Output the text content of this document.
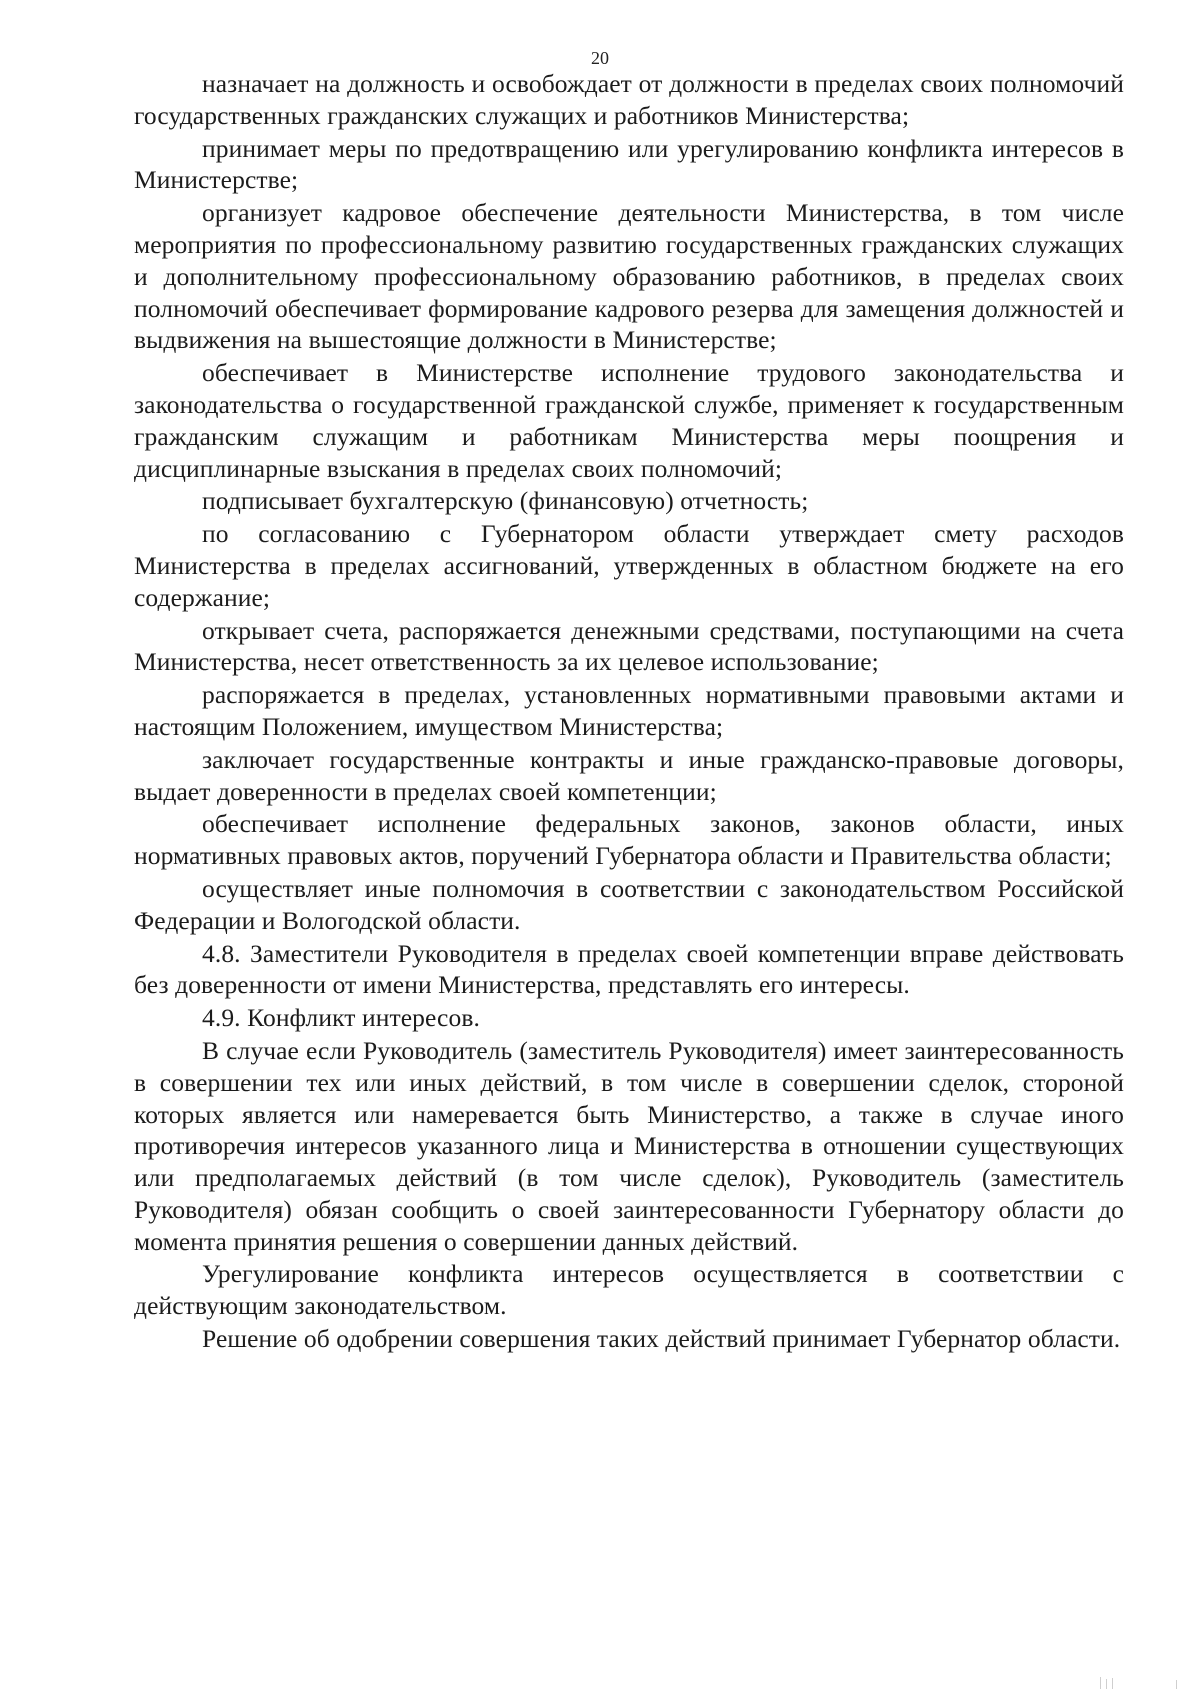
20

назначает на должность и освобождает от должности в пределах своих полномочий государственных гражданских служащих и работников Министерства;

принимает меры по предотвращению или урегулированию конфликта интересов в Министерстве;

организует кадровое обеспечение деятельности Министерства, в том числе мероприятия по профессиональному развитию государственных гражданских служащих и дополнительному профессиональному образованию работников, в пределах своих полномочий обеспечивает формирование кадрового резерва для замещения должностей и выдвижения на вышестоящие должности в Министерстве;

обеспечивает в Министерстве исполнение трудового законодательства и законодательства о государственной гражданской службе, применяет к государственным гражданским служащим и работникам Министерства меры поощрения и дисциплинарные взыскания в пределах своих полномочий;

подписывает бухгалтерскую (финансовую) отчетность;

по согласованию с Губернатором области утверждает смету расходов Министерства в пределах ассигнований, утвержденных в областном бюджете на его содержание;

открывает счета, распоряжается денежными средствами, поступающими на счета Министерства, несет ответственность за их целевое использование;

распоряжается в пределах, установленных нормативными правовыми актами и настоящим Положением, имуществом Министерства;

заключает государственные контракты и иные гражданско-правовые договоры, выдает доверенности в пределах своей компетенции;

обеспечивает исполнение федеральных законов, законов области, иных нормативных правовых актов, поручений Губернатора области и Правительства области;

осуществляет иные полномочия в соответствии с законодательством Российской Федерации и Вологодской области.

4.8. Заместители Руководителя в пределах своей компетенции вправе действовать без доверенности от имени Министерства, представлять его интересы.

4.9. Конфликт интересов.

В случае если Руководитель (заместитель Руководителя) имеет заинтересованность в совершении тех или иных действий, в том числе в совершении сделок, стороной которых является или намеревается быть Министерство, а также в случае иного противоречия интересов указанного лица и Министерства в отношении существующих или предполагаемых действий (в том числе сделок), Руководитель (заместитель Руководителя) обязан сообщить о своей заинтересованности Губернатору области до момента принятия решения о совершении данных действий.

Урегулирование конфликта интересов осуществляется в соответствии с действующим законодательством.

Решение об одобрении совершения таких действий принимает Губернатор области.
